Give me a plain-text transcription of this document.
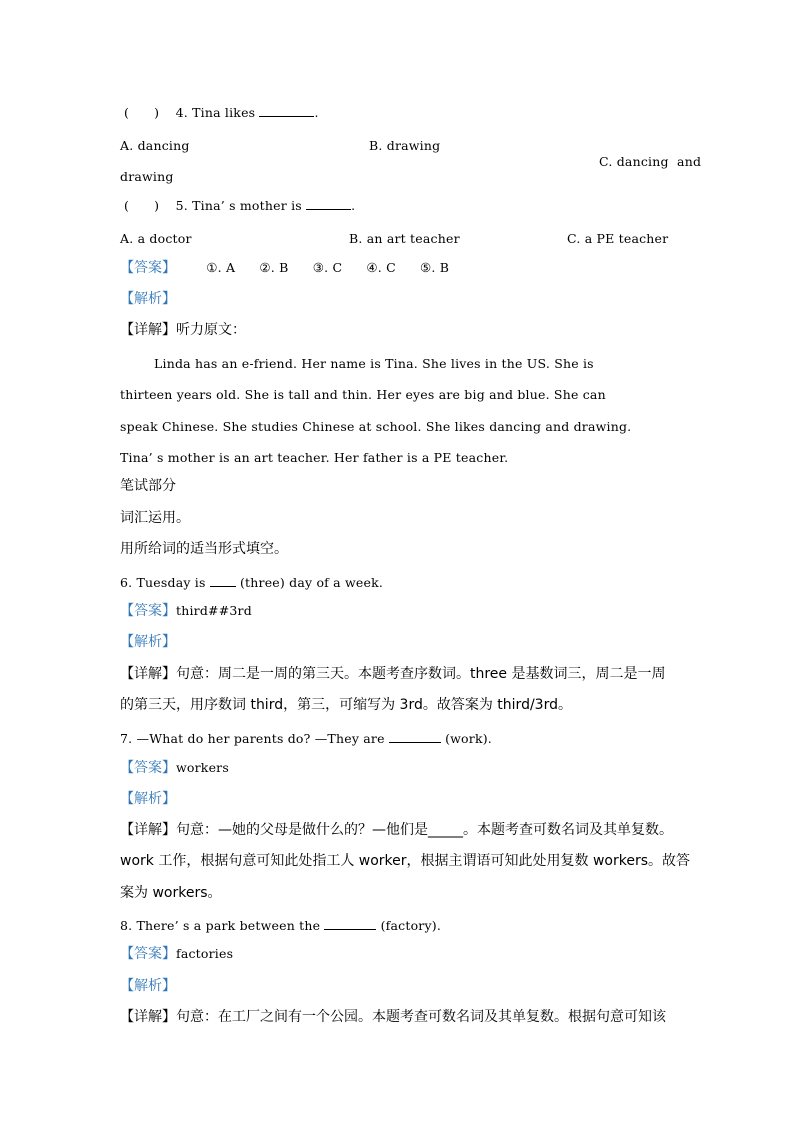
(      ) 4. Tina likes	.
A. dancing	B. drawing

C. dancing  and

drawing
(      ) 5. Tina’ s mother is	.
A. a doctor	B. an art teacher	C. a PE teacher
【答案】 ①. A ②. B ③. C ④. C ⑤. B
【解析】
【详解】听力原文：
Linda has an e-friend. Her name is Tina. She lives in the US. She is
thirteen years old. She is tall and thin. Her eyes are big and blue. She can
speak Chinese. She studies Chinese at school. She likes dancing and drawing.
Tina’ s mother is an art teacher. Her father is a PE teacher.
笔试部分
词汇运用。
用所给词的适当形式填空。
6. Tuesday is	(three) day of a week.
【答案】third##3rd
【解析】
【详解】句意：周二是一周的第三天。本题考查序数词。three 是基数词三，周二是一周
的第三天，用序数词 third，第三，可缩写为 3rd。故答案为 third/3rd。
7. —What do her parents do? —They are	(work).
【答案】workers
【解析】
【详解】句意：—她的父母是做什么的？—他们是_____。本题考查可数名词及其单复数。
work 工作，根据句意可知此处指工人 worker，根据主谓语可知此处用复数 workers。故答
案为 workers。
8. There’ s a park between the	(factory).
【答案】factories
【解析】
【详解】句意：在工厂之间有一个公园。本题考查可数名词及其单复数。根据句意可知该
